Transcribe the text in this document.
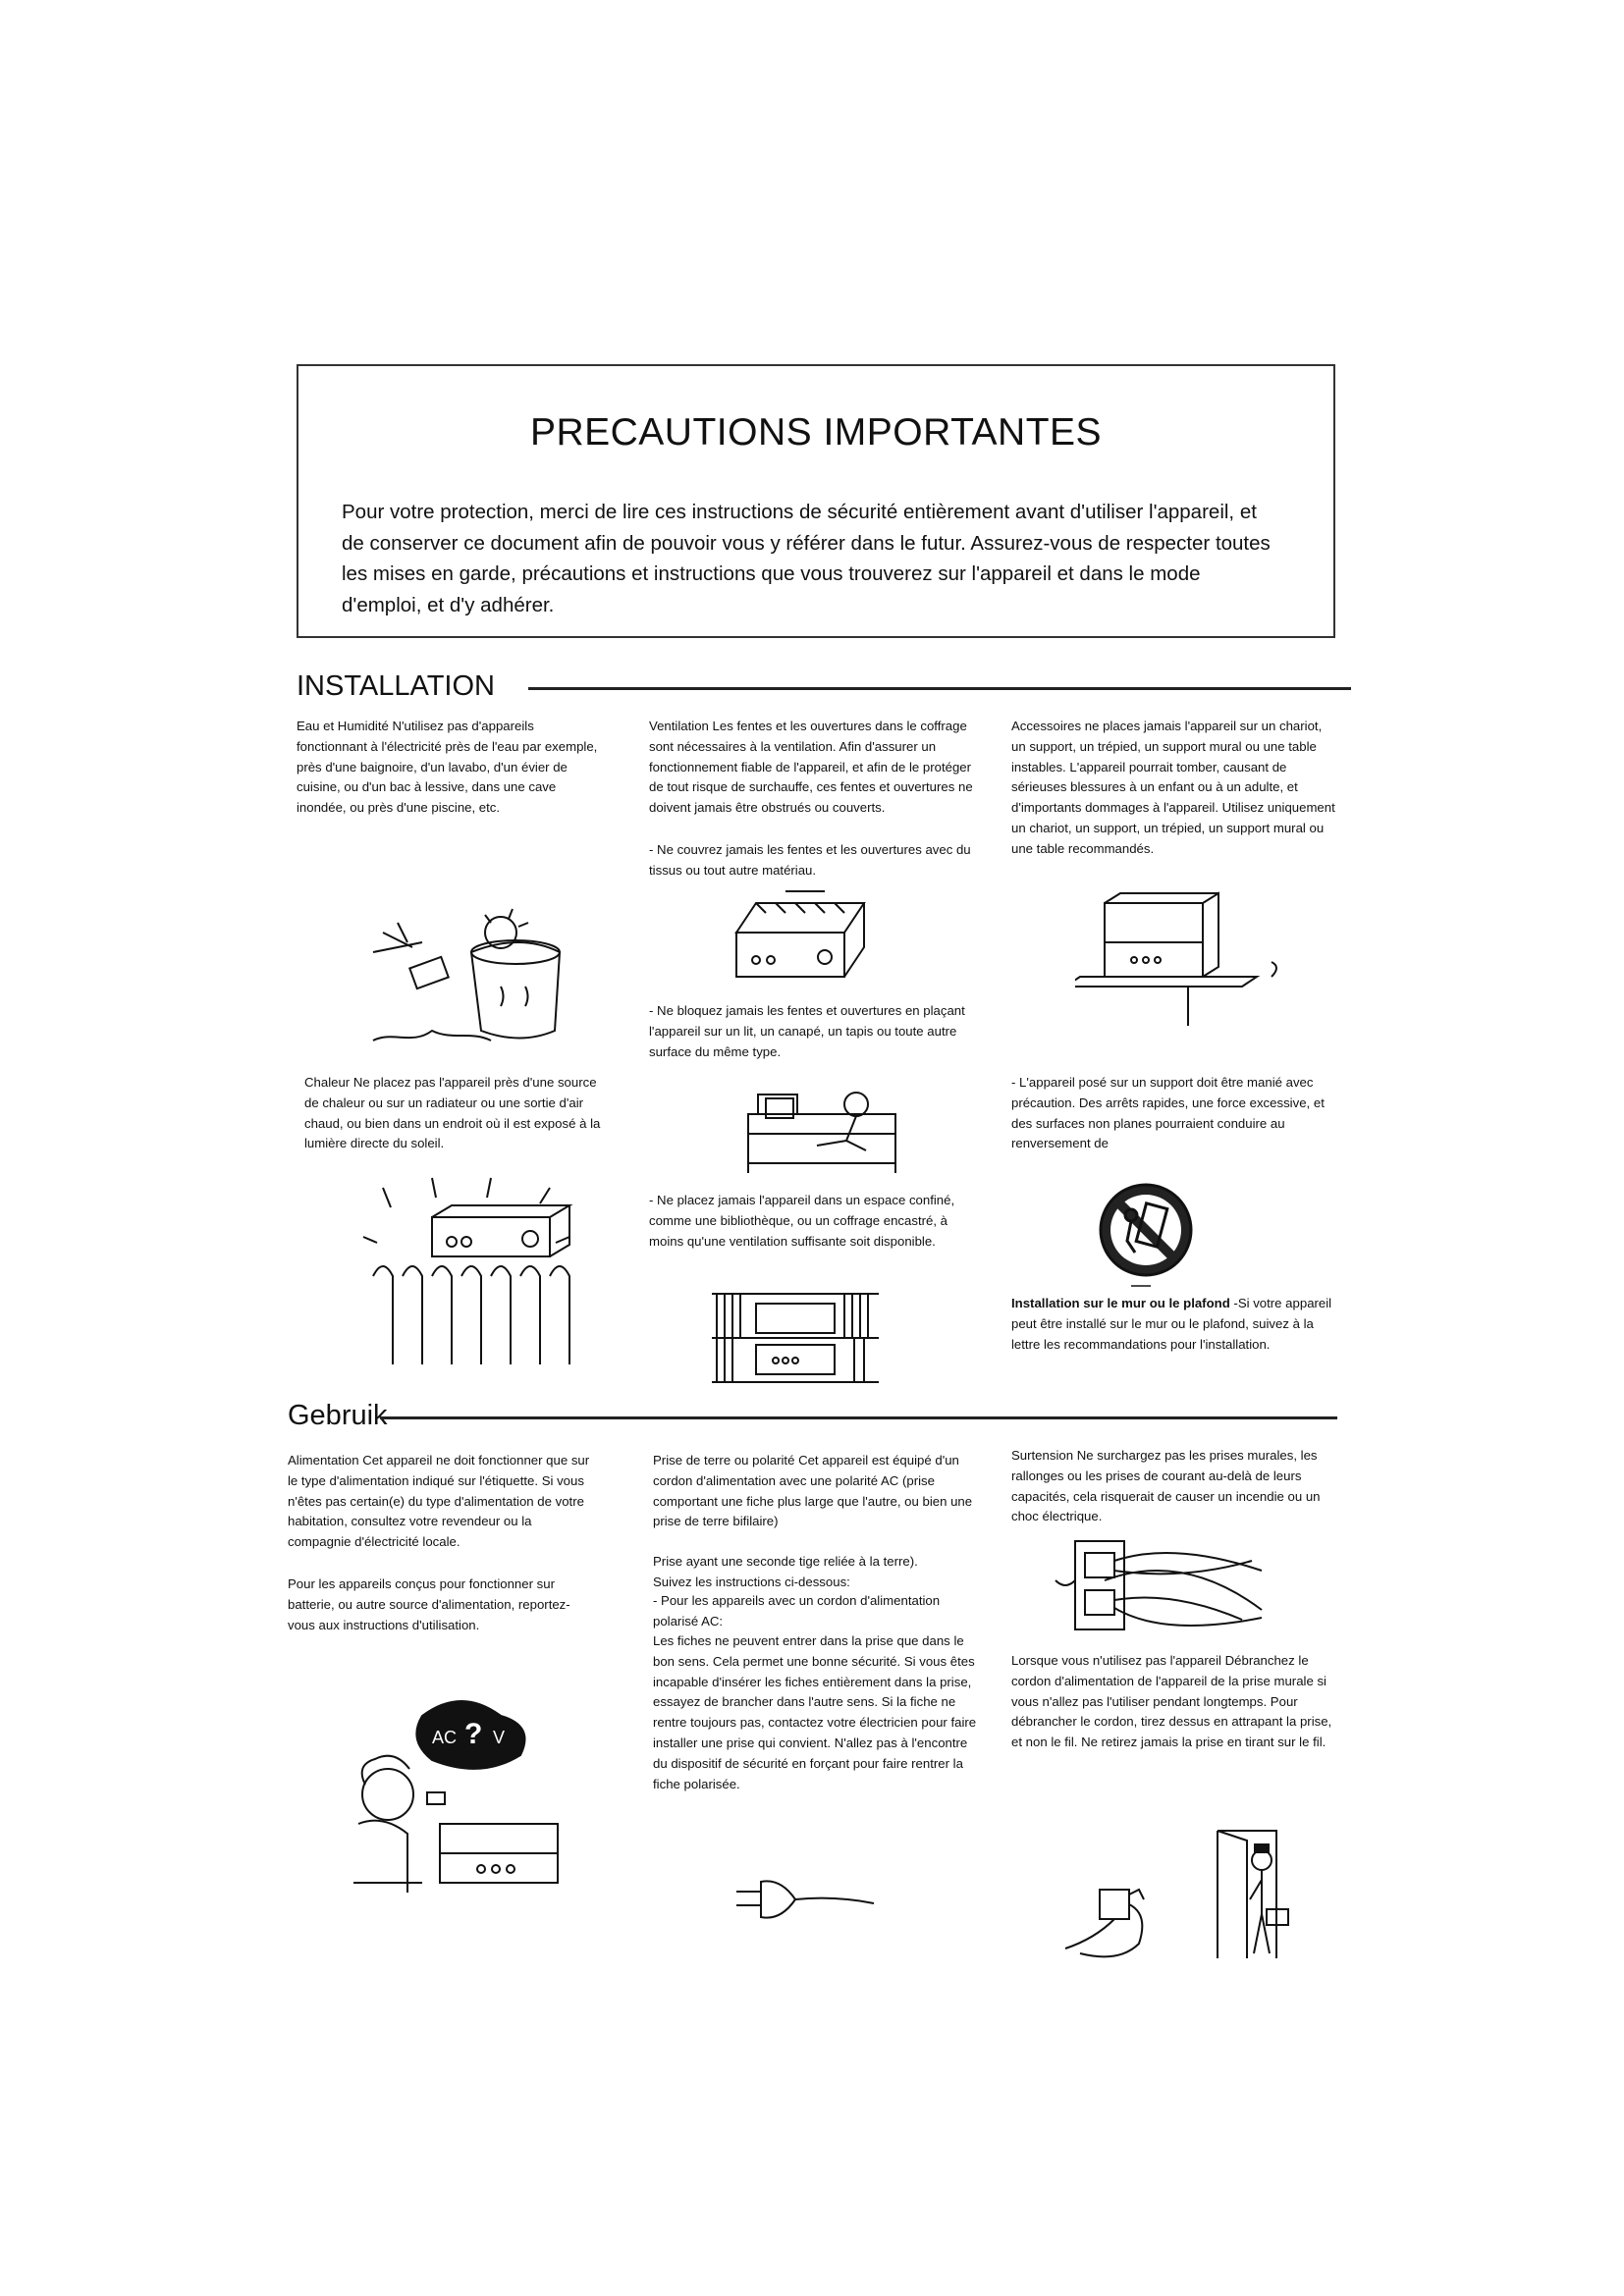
PRECAUTIONS IMPORTANTES

Pour votre protection, merci de lire ces instructions de sécurité entièrement avant d'utiliser l'appareil, et de conserver ce document afin de pouvoir vous y référer dans le futur. Assurez-vous de respecter toutes les mises en garde, précautions et instructions que vous trouverez sur l'appareil et dans le mode d'emploi, et d'y adhérer.

INSTALLATION

Eau et Humidité N'utilisez pas d'appareils fonctionnant à l'électricité près de l'eau par exemple, près d'une baignoire, d'un lavabo, d'un évier de cuisine, ou d'un bac à lessive, dans une cave inondée, ou près d'une piscine, etc.

Chaleur Ne placez pas l'appareil près d'une source de chaleur ou sur un radiateur ou une sortie d'air chaud, ou bien dans un endroit où il est exposé à la lumière directe du soleil.

Ventilation Les fentes et les ouvertures dans le coffrage sont nécessaires à la ventilation. Afin d'assurer un fonctionnement fiable de l'appareil, et afin de le protéger de tout risque de surchauffe, ces fentes et ouvertures ne doivent jamais être obstrués ou couverts.

- Ne couvrez jamais les fentes et les ouvertures avec du tissus ou tout autre matériau.

- Ne bloquez jamais les fentes et ouvertures en plaçant l'appareil sur un lit, un canapé, un tapis ou toute autre surface du même type.

- Ne placez jamais l'appareil dans un espace confiné, comme une bibliothèque, ou un coffrage encastré, à moins qu'une ventilation suffisante soit disponible.

Accessoires ne places jamais l'appareil sur un chariot, un support, un trépied, un support mural ou une table instables. L'appareil pourrait tomber, causant de sérieuses blessures à un enfant ou à un adulte, et d'importants dommages à l'appareil. Utilisez uniquement un chariot, un support, un trépied, un support mural ou une table recommandés.

- L'appareil posé sur un support doit être manié avec précaution. Des arrêts rapides, une force excessive, et des surfaces non planes pourraient conduire au renversement de

Installation sur le mur ou le plafond -Si votre appareil peut être installé sur le mur ou le plafond, suivez à la lettre les recommandations pour l'installation.

Gebruik

Alimentation Cet appareil ne doit fonctionner que sur le type d'alimentation indiqué sur l'étiquette. Si vous n'êtes pas certain(e) du type d'alimentation de votre habitation, consultez votre revendeur ou la compagnie d'électricité locale.

Pour les appareils conçus pour fonctionner sur batterie, ou autre source d'alimentation, reportez-vous aux instructions d'utilisation.

AC ? V

Prise de terre ou polarité Cet appareil est équipé d'un cordon d'alimentation avec une polarité AC (prise comportant une fiche plus large que l'autre, ou bien une prise de terre bifilaire)

Prise ayant une seconde tige reliée à la terre).

Suivez les instructions ci-dessous:

- Pour les appareils avec un cordon d'alimentation polarisé AC:

Les fiches ne peuvent entrer dans la prise que dans le bon sens. Cela permet une bonne sécurité. Si vous êtes incapable d'insérer les fiches entièrement dans la prise, essayez de brancher dans l'autre sens. Si la fiche ne rentre toujours pas, contactez votre électricien pour faire installer une prise qui convient. N'allez pas à l'encontre du dispositif de sécurité en forçant pour faire rentrer la fiche polarisée.

Surtension Ne surchargez pas les prises murales, les rallonges ou les prises de courant au-delà de leurs capacités, cela risquerait de causer un incendie ou un choc électrique.

Lorsque vous n'utilisez pas l'appareil Débranchez le cordon d'alimentation de l'appareil de la prise murale si vous n'allez pas l'utiliser pendant longtemps. Pour débrancher le cordon, tirez dessus en attrapant la prise, et non le fil. Ne retirez jamais la prise en tirant sur le fil.
